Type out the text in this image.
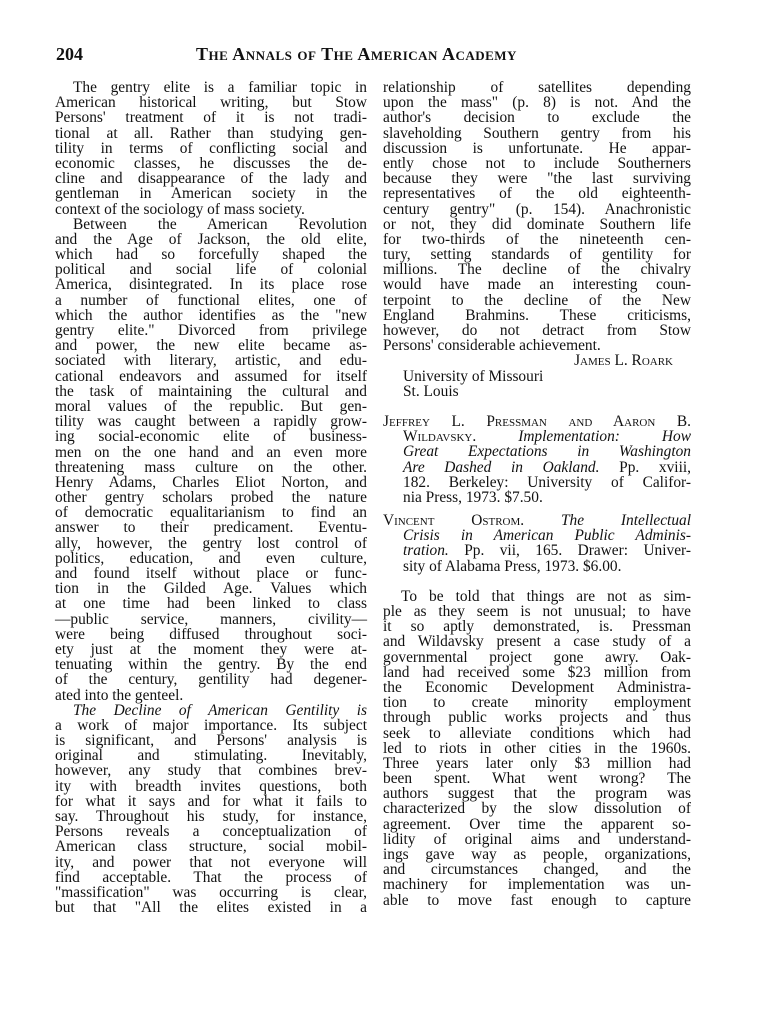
204	The Annals of The American Academy
The gentry elite is a familiar topic in
American historical writing, but Stow
Persons' treatment of it is not tradi-
tional at all. Rather than studying gen-
tility in terms of conflicting social and
economic classes, he discusses the de-
cline and disappearance of the lady and
gentleman in American society in the
context of the sociology of mass society.
Between the American Revolution
and the Age of Jackson, the old elite,
which had so forcefully shaped the
political and social life of colonial
America, disintegrated. In its place rose
a number of functional elites, one of
which the author identifies as the "new
gentry elite." Divorced from privilege
and power, the new elite became as-
sociated with literary, artistic, and edu-
cational endeavors and assumed for itself
the task of maintaining the cultural and
moral values of the republic. But gen-
tility was caught between a rapidly grow-
ing social-economic elite of business-
men on the one hand and an even more
threatening mass culture on the other.
Henry Adams, Charles Eliot Norton, and
other gentry scholars probed the nature
of democratic equalitarianism to find an
answer to their predicament. Eventu-
ally, however, the gentry lost control of
politics, education, and even culture,
and found itself without place or func-
tion in the Gilded Age. Values which
at one time had been linked to class
—public service, manners, civility—
were being diffused throughout soci-
ety just at the moment they were at-
tenuating within the gentry. By the end
of the century, gentility had degener-
ated into the genteel.
The Decline of American Gentility is
a work of major importance. Its subject
is significant, and Persons' analysis is
original and stimulating. Inevitably,
however, any study that combines brev-
ity with breadth invites questions, both
for what it says and for what it fails to
say. Throughout his study, for instance,
Persons reveals a conceptualization of
American class structure, social mobil-
ity, and power that not everyone will
find acceptable. That the process of
"massification" was occurring is clear,
but that "All the elites existed in a
relationship of satellites depending
upon the mass" (p. 8) is not. And the
author's decision to exclude the
slaveholding Southern gentry from his
discussion is unfortunate. He appar-
ently chose not to include Southerners
because they were "the last surviving
representatives of the old eighteenth-
century gentry" (p. 154). Anachronistic
or not, they did dominate Southern life
for two-thirds of the nineteenth cen-
tury, setting standards of gentility for
millions. The decline of the chivalry
would have made an interesting coun-
terpoint to the decline of the New
England Brahmins. These criticisms,
however, do not detract from Stow
Persons' considerable achievement.
James L. Roark
University of Missouri
St. Louis
Jeffrey L. Pressman and Aaron B.
Wildavsky.	Implementation: How
Great Expectations in Washington
Are Dashed in Oakland. Pp. xviii,
182. Berkeley: University of Califor-
nia Press, 1973. $7.50.
Vincent Ostrom. The Intellectual
Crisis in American Public Adminis-
tration. Pp. vii, 165. Drawer: Univer-
sity of Alabama Press, 1973. $6.00.
To be told that things are not as sim-
ple as they seem is not unusual; to have
it so aptly demonstrated, is. Pressman
and Wildavsky present a case study of a
governmental project gone awry. Oak-
land had received some $23 million from
the Economic Development Administra-
tion to create minority employment
through public works projects and thus
seek to alleviate conditions which had
led to riots in other cities in the 1960s.
Three years later only $3 million had
been spent. What went wrong? The
authors suggest that the program was
characterized by the slow dissolution of
agreement. Over time the apparent so-
lidity of original aims and understand-
ings gave way as people, organizations,
and circumstances changed, and the
machinery for implementation was un-
able to move fast enough to capture
